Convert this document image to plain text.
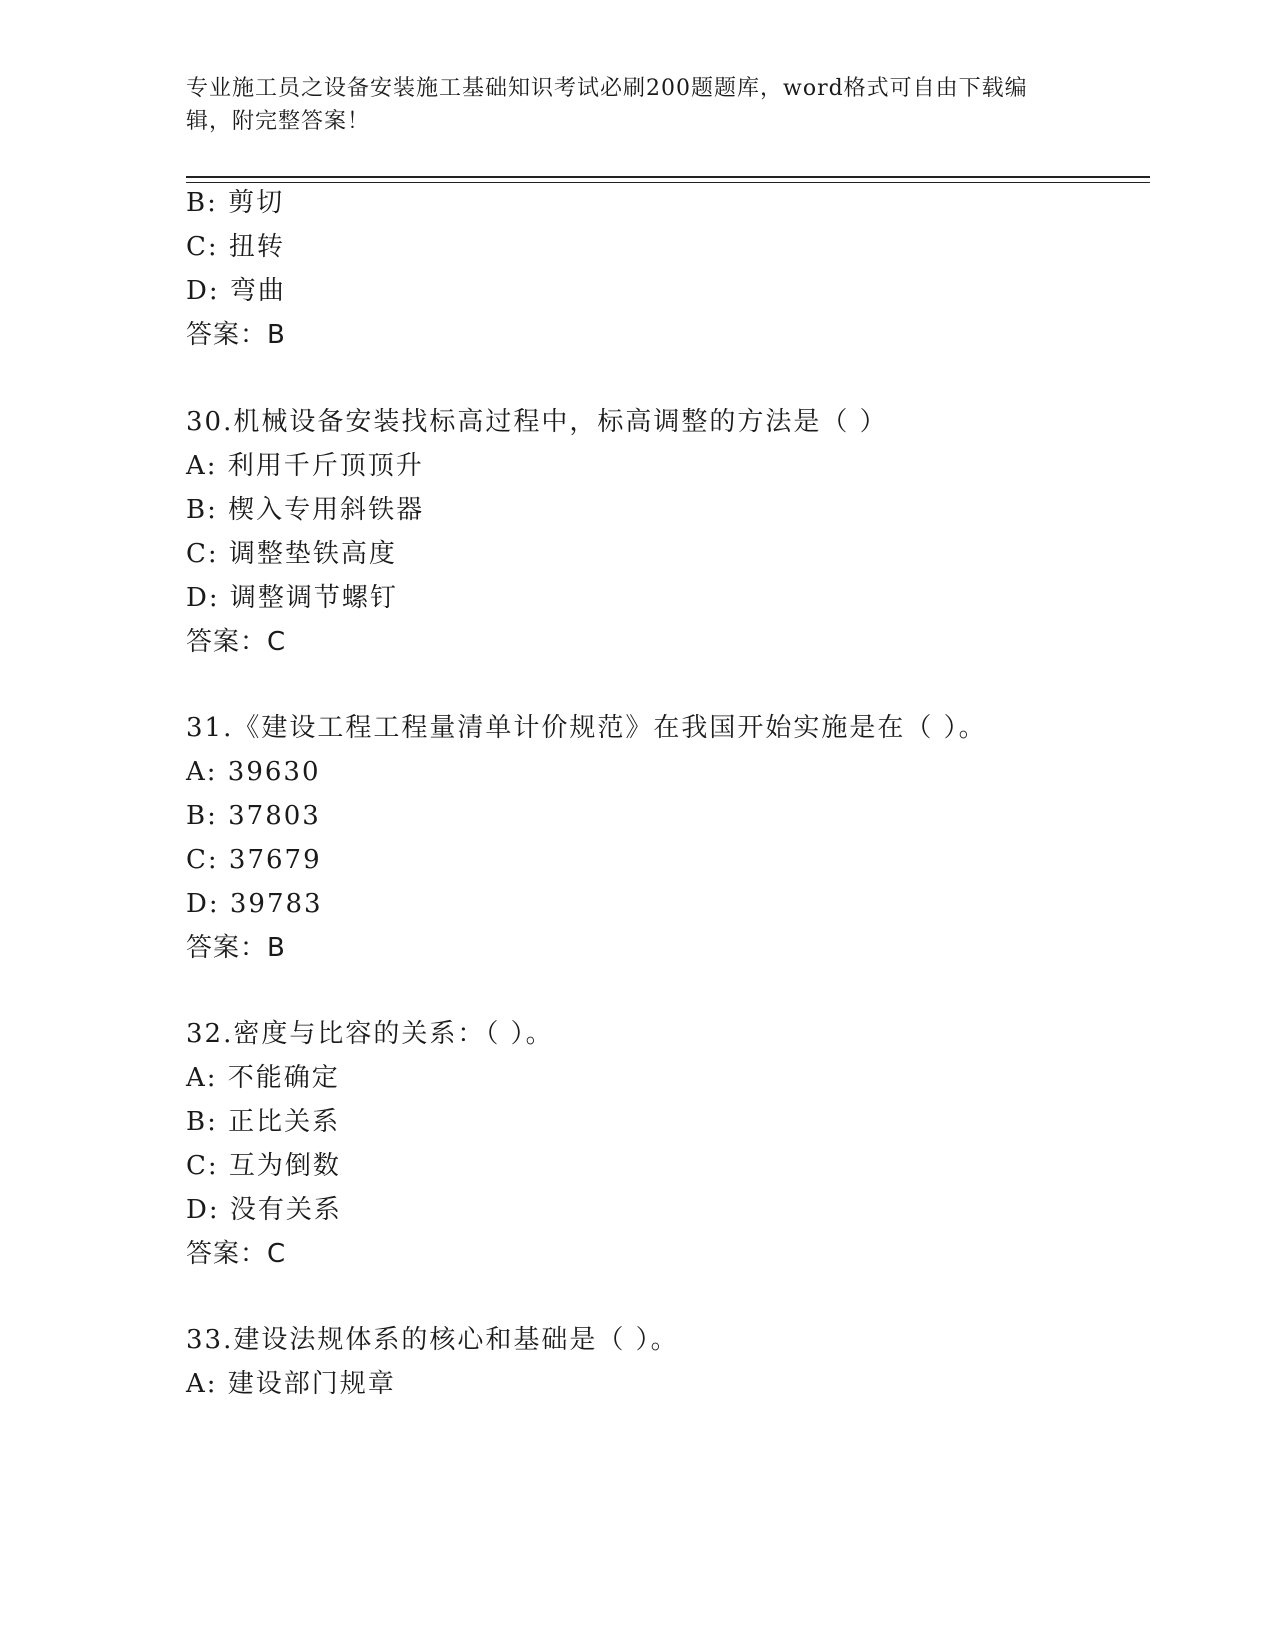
专业施工员之设备安装施工基础知识考试必刷200题题库，word格式可自由下载编辑，附完整答案！
B: 剪切
C: 扭转
D: 弯曲
答案：B
30.机械设备安装找标高过程中，标高调整的方法是（ ）
A: 利用千斤顶顶升
B: 楔入专用斜铁器
C: 调整垫铁高度
D: 调整调节螺钉
答案：C
31.《建设工程工程量清单计价规范》在我国开始实施是在（ ）。
A: 39630
B: 37803
C: 37679
D: 39783
答案：B
32.密度与比容的关系：（ ）。
A: 不能确定
B: 正比关系
C: 互为倒数
D: 没有关系
答案：C
33.建设法规体系的核心和基础是（ ）。
A: 建设部门规章
